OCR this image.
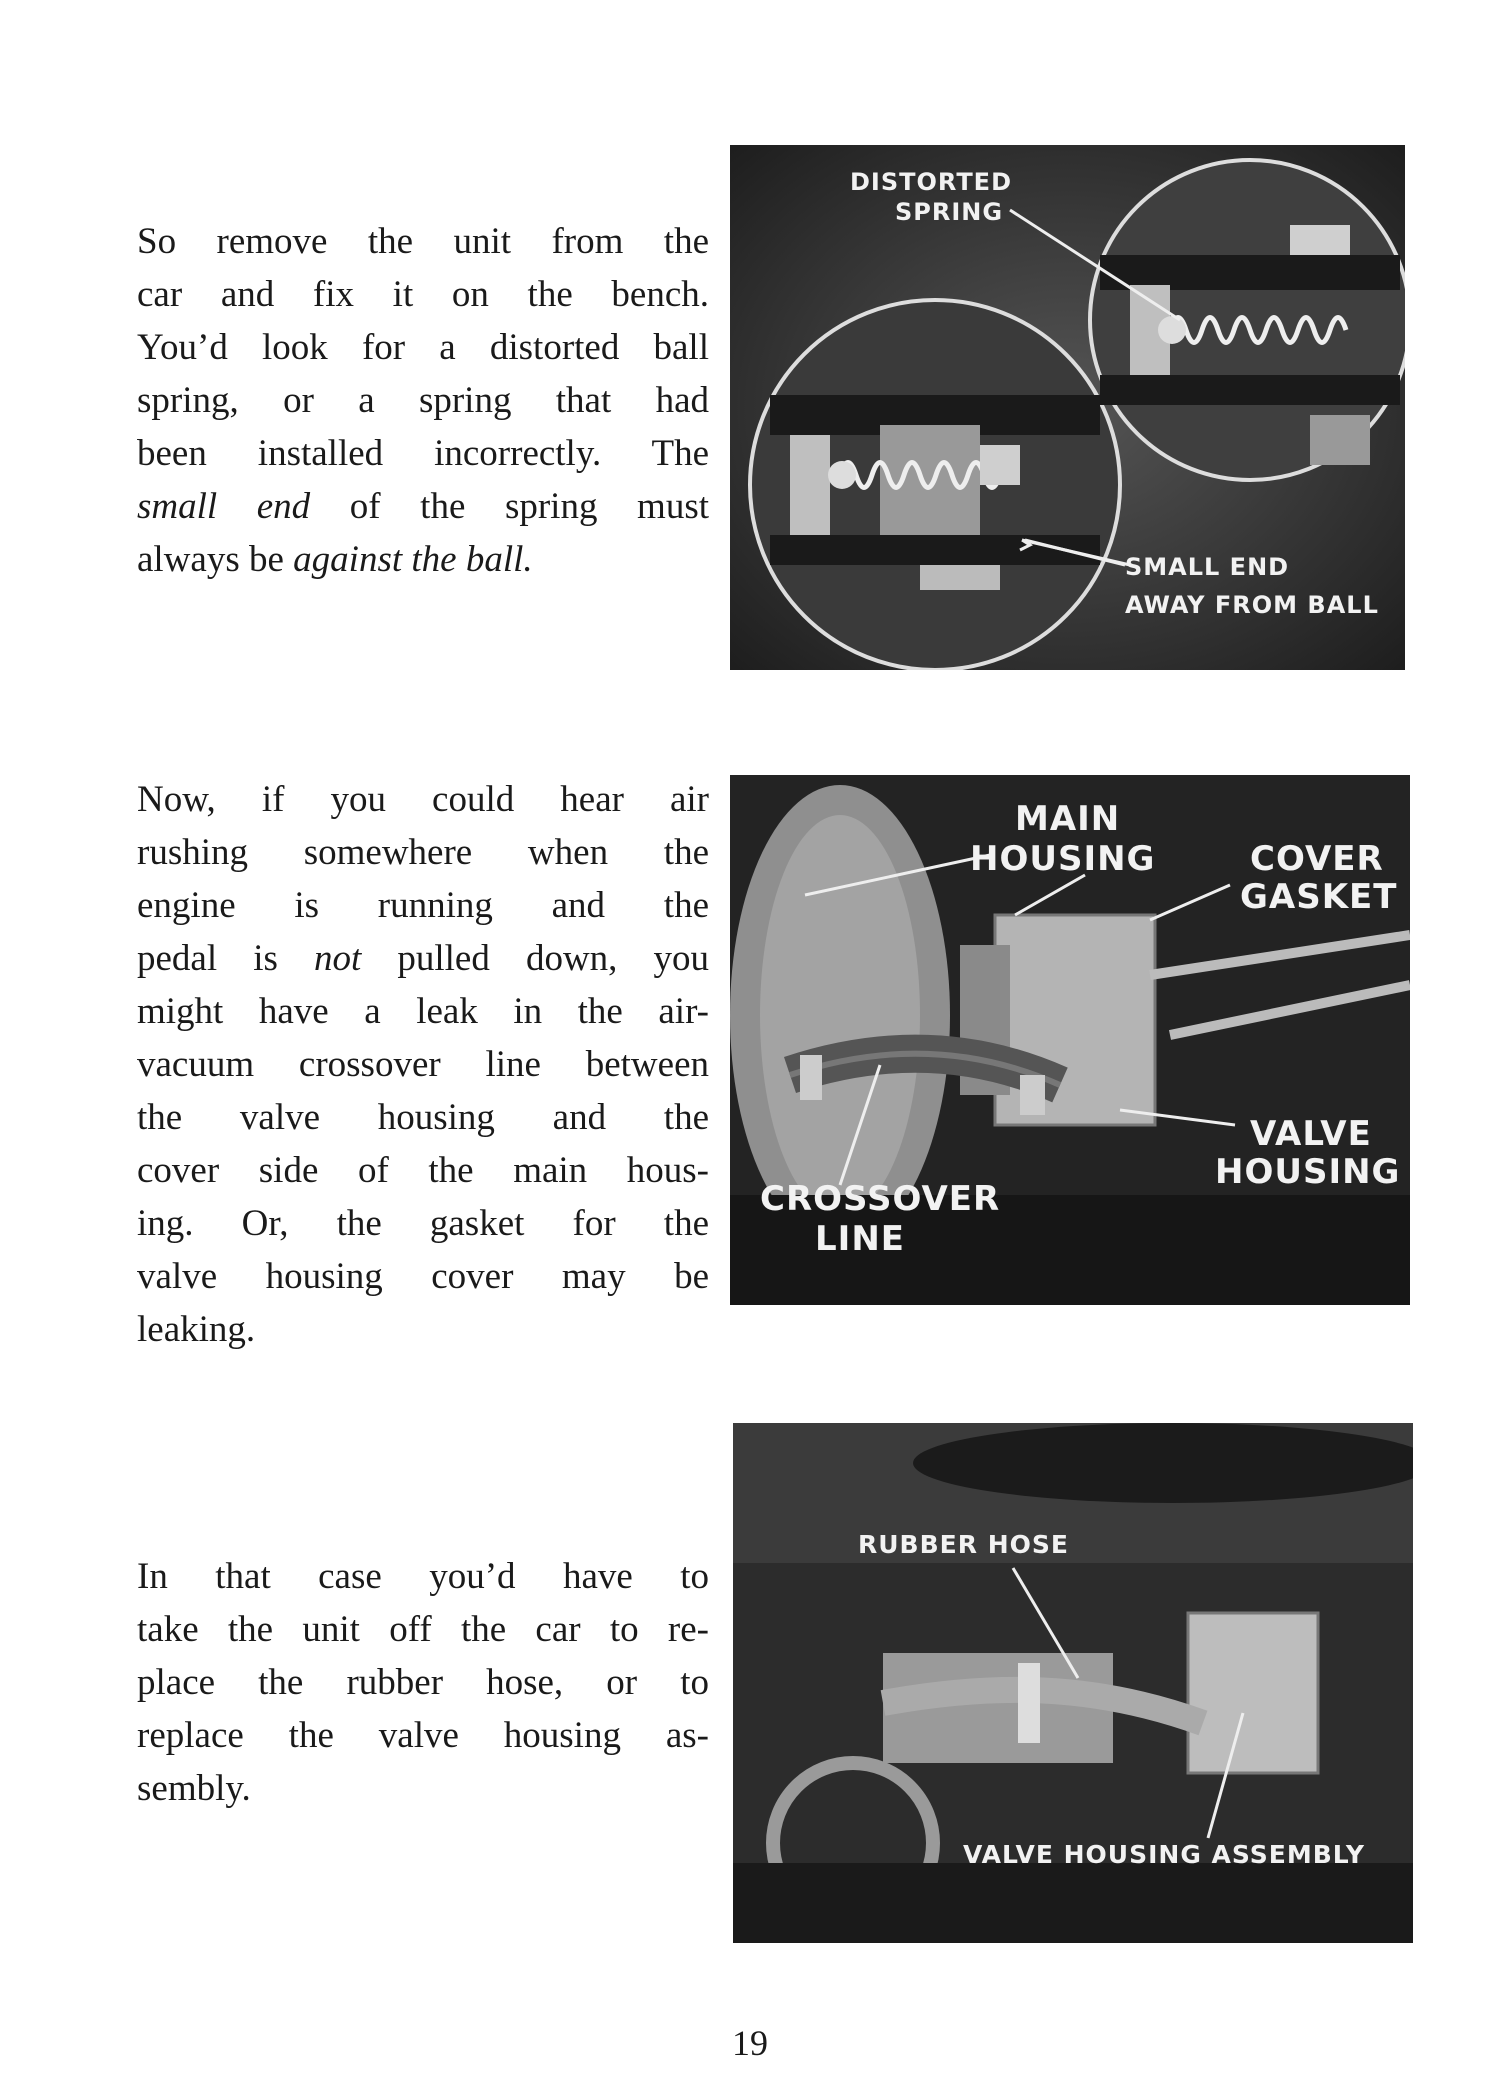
So remove the unit from the
car and fix it on the bench.
You’d look for a distorted ball
spring, or a spring that had
been installed incorrectly. The
small end of the spring must
always be against the ball.
Now, if you could hear air
rushing somewhere when the
engine is running and the
pedal is not pulled down, you
might have a leak in the air-
vacuum crossover line between
the valve housing and the
cover side of the main hous-
ing. Or, the gasket for the
valve housing cover may be
leaking.
In that case you’d have to
take the unit off the car to re-
place the rubber hose, or to
replace the valve housing as-
sembly.
DISTORTED
SPRING
SMALL END
AWAY FROM BALL
MAIN
HOUSING	COVER
GASKET
VALVE
HOUSING
CROSSOVER
LINE
RUBBER HOSE
VALVE HOUSING ASSEMBLY
19
